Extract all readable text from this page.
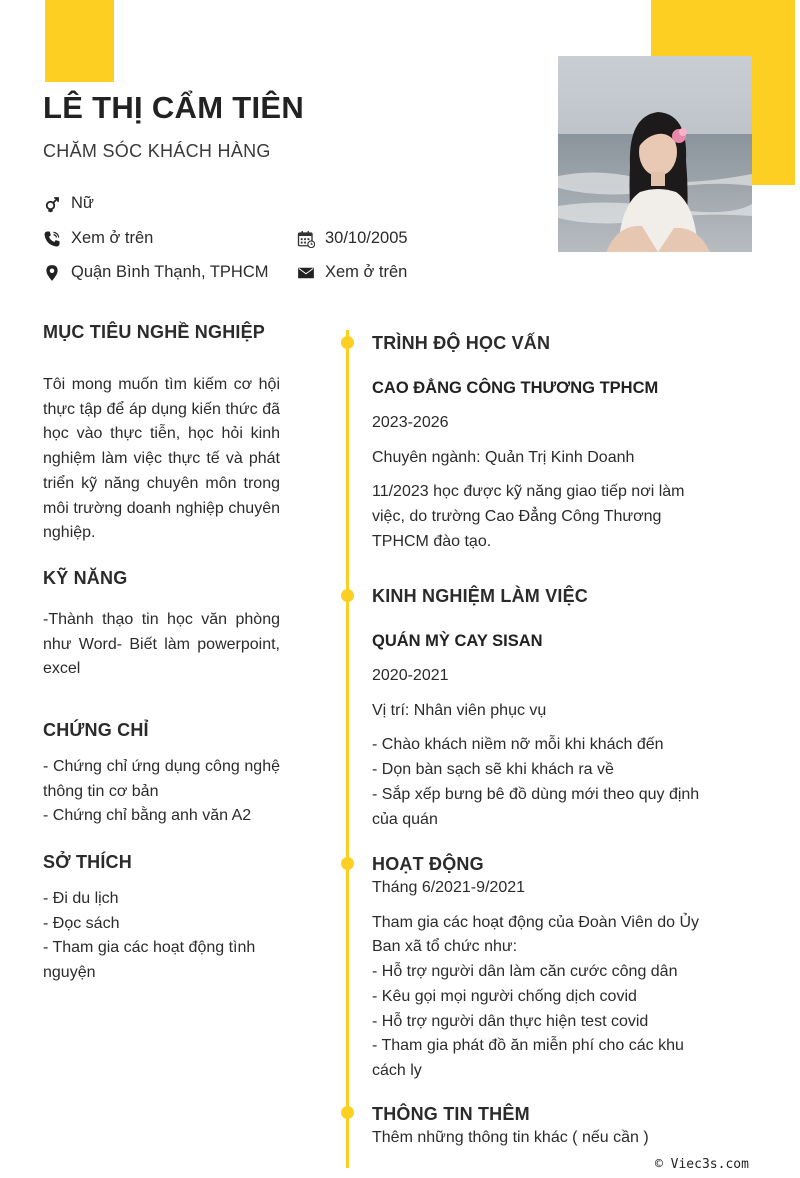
LÊ THỊ CẨM TIÊN
CHĂM SÓC KHÁCH HÀNG
Nữ
Xem ở trên	30/10/2005
Quận Bình Thạnh, TPHCM	Xem ở trên
MỤC TIÊU NGHỀ NGHIỆP
Tôi mong muốn tìm kiếm cơ hội thực tập để áp dụng kiến thức đã học vào thực tiễn, học hỏi kinh nghiệm làm việc thực tế và phát triển kỹ năng chuyên môn trong môi trường doanh nghiệp chuyên nghiệp.
KỸ NĂNG
-Thành thạo tin học văn phòng như Word- Biết làm powerpoint, excel
CHỨNG CHỈ
- Chứng chỉ ứng dụng công nghệ thông tin cơ bản
- Chứng chỉ bằng anh văn A2
SỞ THÍCH
- Đi du lịch
- Đọc sách
- Tham gia các hoạt động tình nguyện
TRÌNH ĐỘ HỌC VẤN
CAO ĐẲNG CÔNG THƯƠNG TPHCM
2023-2026
Chuyên ngành: Quản Trị Kinh Doanh
11/2023 học được kỹ năng giao tiếp nơi làm việc, do trường Cao Đẳng Công Thương TPHCM đào tạo.
KINH NGHIỆM LÀM VIỆC
QUÁN MỲ CAY SISAN
2020-2021
Vị trí: Nhân viên phục vụ
- Chào khách niềm nỡ mỗi khi khách đến
- Dọn bàn sạch sẽ khi khách ra về
- Sắp xếp bưng bê đồ dùng mới theo quy định của quán
HOẠT ĐỘNG
Tháng 6/2021-9/2021
Tham gia các hoạt động của Đoàn Viên do Ủy Ban xã tổ chức như:
- Hỗ trợ người dân làm căn cước công dân
- Kêu gọi mọi người chống dịch covid
- Hỗ trợ người dân thực hiện test covid
- Tham gia phát đồ ăn miễn phí cho các khu cách ly
THÔNG TIN THÊM
Thêm những thông tin khác ( nếu cần )
© Viec3s.com
